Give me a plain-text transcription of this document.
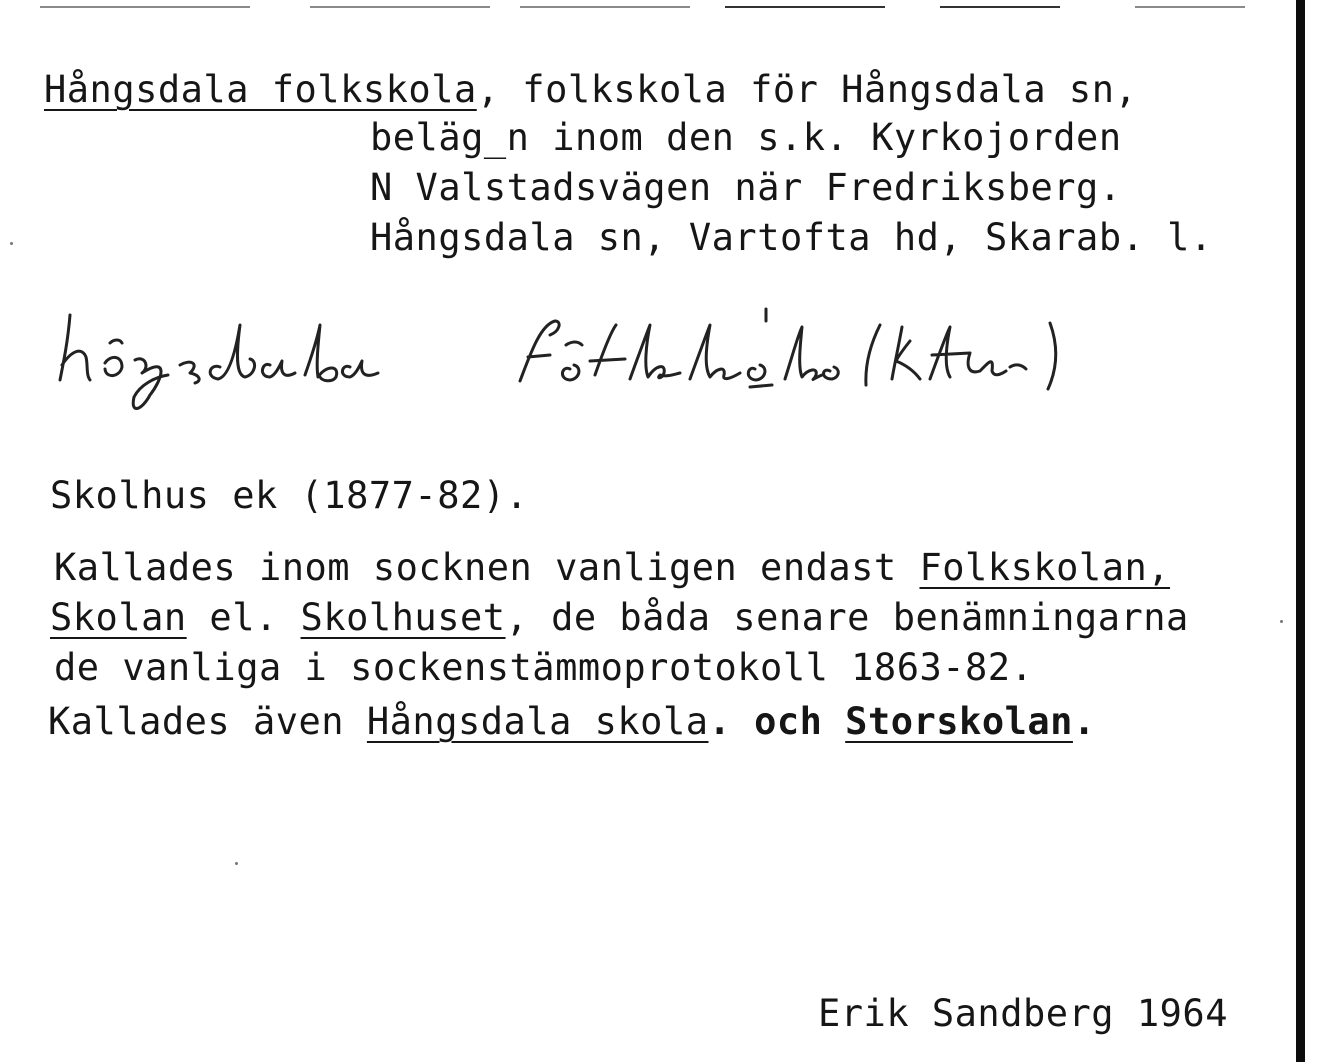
Hångsdala folkskola, folkskola för Hångsdala sn,
beläg_n inom den s.k. Kyrkojorden
N Valstadsvägen när Fredriksberg.
Hångsdala sn, Vartofta hd, Skarab. l.
Skolhus ek (1877-82).
Kallades inom socknen vanligen endast Folkskolan,
Skolan el. Skolhuset, de båda senare benämningarna
de vanliga i sockenstämmoprotokoll 1863-82.
Kallades även Hångsdala skola. och Storskolan.
Erik Sandberg 1964
